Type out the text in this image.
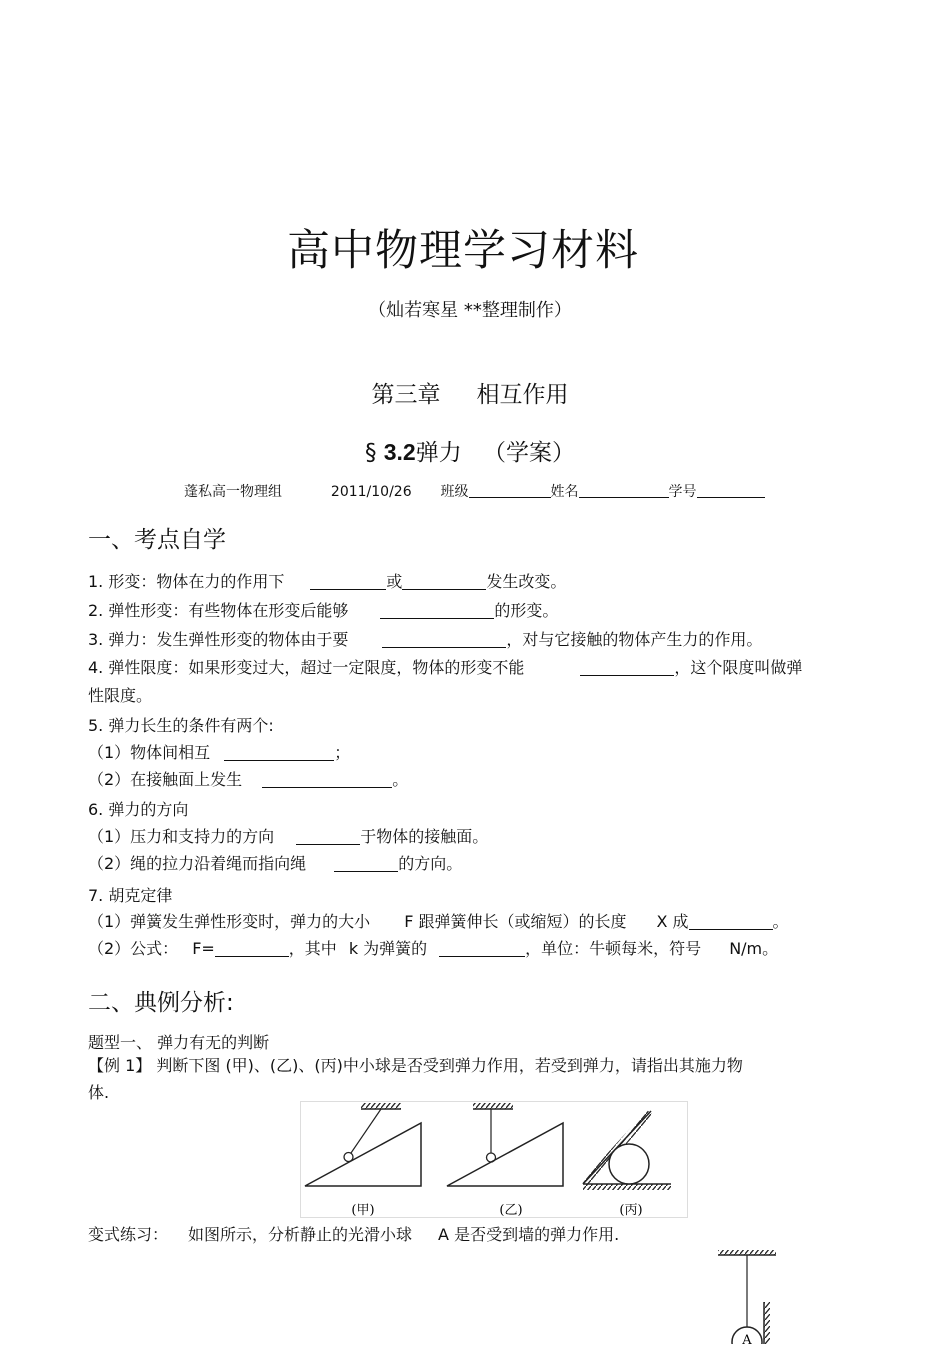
高中物理学习材料
（灿若寒星 **整理制作）
第三章 相互作用
§ 3.2弹力 （学案）
蓬私高一物理组	2011/10/26 班级	姓名	学号
一、考点自学
1. 形变：物体在力的作用下	或	发生改变。
2. 弹性形变：有些物体在形变后能够	的形变。
3. 弹力：发生弹性形变的物体由于要	，对与它接触的物体产生力的作用。
4. 弹性限度：如果形变过大，超过一定限度，物体的形变不能	，这个限度叫做弹
性限度。
5. 弹力长生的条件有两个:
（1）物体间相互	；
（2）在接触面上发生	。
6. 弹力的方向
（1）压力和支持力的方向	于物体的接触面。
（2）绳的拉力沿着绳而指向绳	的方向。
7. 胡克定律
（1）弹簧发生弹性形变时，弹力的大小 F 跟弹簧伸长（或缩短）的长度 X 成	。
（2）公式： F=	，其中 k 为弹簧的	，单位：牛顿每米，符号 N/m。
二、典例分析:
题型一、 弹力有无的判断
【例 1】 判断下图 (甲)、(乙)、(丙)中小球是否受到弹力作用，若受到弹力，请指出其施力物
体.
(甲)	(乙)	(丙)
变式练习： 如图所示，分析静止的光滑小球 A 是否受到墙的弹力作用.
A
